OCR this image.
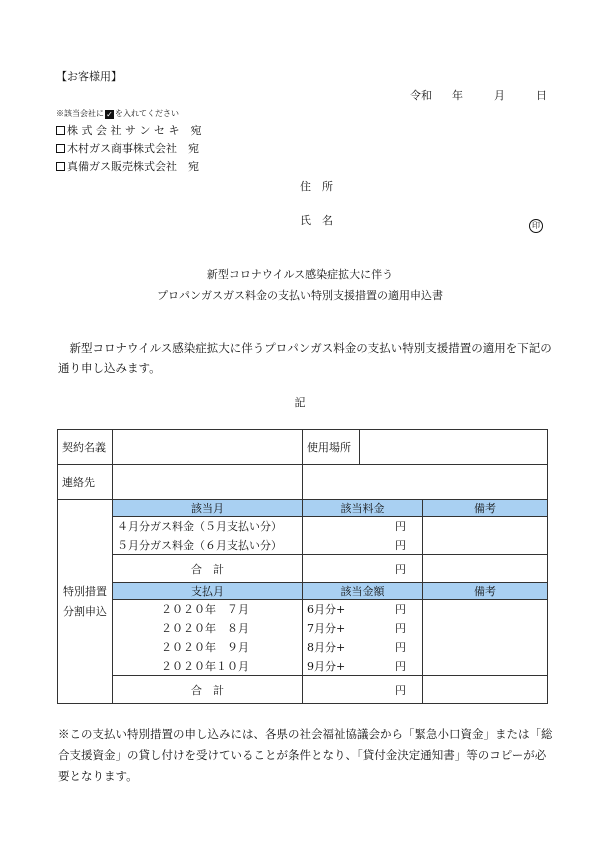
【お客様用】
令和 年	月	日
※該当会社に ✓ を入れてください
株 式 会 社 サ ン セ キ　宛
木村ガス商事株式会社　宛
真備ガス販売株式会社　宛
住　所
氏　名	印
新型コロナウイルス感染症拡大に伴う
プロパンガスガス料金の支払い特別支援措置の適用申込書
新型コロナウイルス感染症拡大に伴うプロパンガス料金の支払い特別支援措置の適用を下記の通り申し込みます。
記
契約名義		使用場所		
連絡先				
特別措置
分割申込	該当月	該当料金		備考
	４月分ガス料金（５月支払い分）	円		
	５月分ガス料金（６月支払い分）	円		
	合　計	円		
	支払月	該当金額		備考
	２０２０年　７月	6月分+ 円		

	２０２０年　８月	7月分+ 円		

	２０２０年　９月	8月分+ 円		

	２０２０年１０月	9月分+ 円		

	合　計	円		
※この支払い特別措置の申し込みには、各県の社会福祉協議会から「緊急小口資金」または「総合支援資金」の貸し付けを受けていることが条件となり、「貸付金決定通知書」等のコピーが必要となります。
